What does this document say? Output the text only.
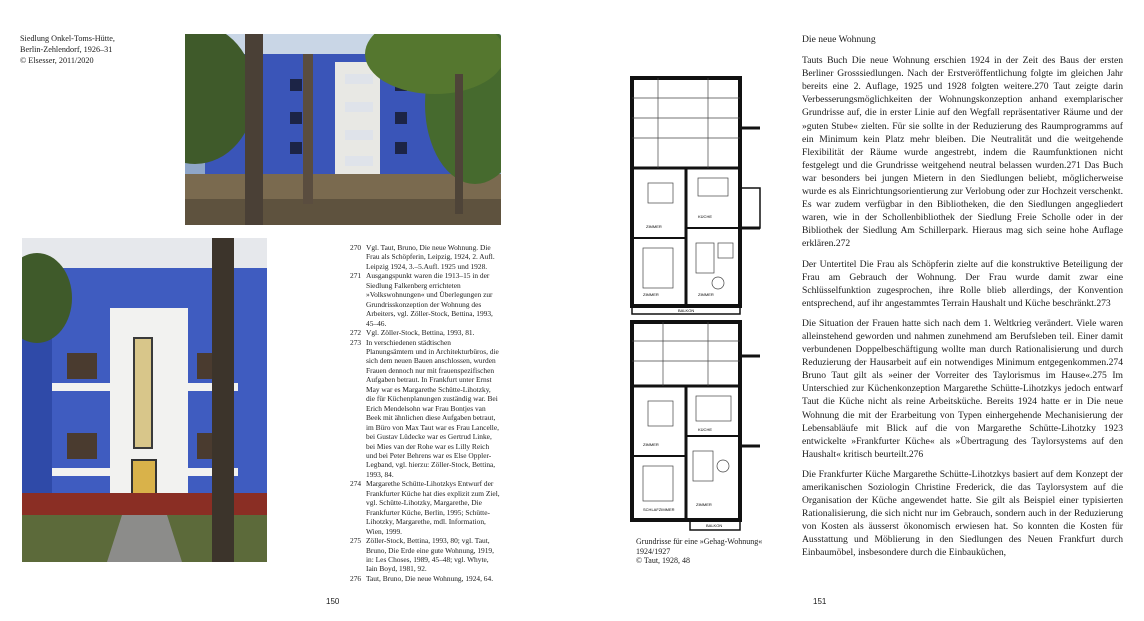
Siedlung Onkel-Toms-Hütte,
Berlin-Zehlendorf, 1926–31
© Elsesser, 2011/2020
270 Vgl. Taut, Bruno, Die neue Wohnung. Die Frau als Schöpferin, Leipzig, 1924, 2. Aufl. Leipzig 1924, 3.–5.Aufl. 1925 und 1928.
271 Ausgangspunkt waren die 1913–15 in der Siedlung Falkenberg errichteten »Volkswohnungen« und Überlegungen zur Grundrisskonzeption der Wohnung des Arbeiters, vgl. Zöller-Stock, Bettina, 1993, 45–46.
272 Vgl. Zöller-Stock, Bettina, 1993, 81.
273 In verschiedenen städtischen Planungsämtern und in Architekturbüros, die sich dem neuen Bauen anschlossen, wurden Frauen dennoch nur mit frauenspezifischen Aufgaben betraut. In Frankfurt unter Ernst May war es Margarethe Schütte-Lihotzky, die für Küchenplanungen zuständig war. Bei Erich Mendelsohn war Frau Bontjes van Beek mit ähnlichen diese Aufgaben betraut, im Büro von Max Taut war es Frau Lancelle, bei Gustav Lüdecke war es Gertrud Linke, bei Mies van der Rohe war es Lilly Reich und bei Peter Behrens war es Else Oppler-Legband, vgl. hierzu: Zöller-Stock, Bettina, 1993, 84.
274 Margarethe Schütte-Lihotzkys Entwurf der Frankfurter Küche hat dies explizit zum Ziel, vgl. Schütte-Lihotzky, Margarethe, Die Frankfurter Küche, Berlin, 1995; Schütte-Lihotzky, Margarethe, mdl. Information, Wien, 1999.
275 Zöller-Stock, Bettina, 1993, 80; vgl. Taut, Bruno, Die Erde eine gute Wohnung, 1919, in: Les Choses, 1989, 45–48; vgl. Whyte, Iain Boyd, 1981, 92.
276 Taut, Bruno, Die neue Wohnung, 1924, 64.
150
ZIMMER
KÜCHE
ZIMMER	ZIMMER
BALKON
ZIMMER
KÜCHE
SCHLAFZIMMER
ZIMMER
BALKON
Grundrisse für eine »Gehag-Wohnung«
1924/1927
© Taut, 1928, 48
Die neue Wohnung

Tauts Buch Die neue Wohnung erschien 1924 in der Zeit des Baus der ersten Berliner Grosssiedlungen. Nach der Erstveröffentlichung folgte im gleichen Jahr bereits eine 2. Auflage, 1925 und 1928 folgten weitere.270 Taut zeigte darin Verbesserungsmöglichkeiten der Wohnungskonzeption anhand exemplarischer Grundrisse auf, die in erster Linie auf den Wegfall repräsentativer Räume und der »guten Stube« zielten. Für sie sollte in der Reduzierung des Raumprogramms auf ein Minimum kein Platz mehr bleiben. Die Neutralität und die weitgehende Flexibilität der Räume wurde angestrebt, indem die Raumfunktionen nicht festgelegt und die Grundrisse weitgehend neutral belassen wurden.271 Das Buch war besonders bei jungen Mietern in den Siedlungen beliebt, möglicherweise wurde es als Einrichtungsorientierung zur Verlobung oder zur Hochzeit verschenkt. Es war zudem verfügbar in den Bibliotheken, die den Siedlungen angegliedert waren, wie in der Schollenbibliothek der Siedlung Freie Scholle oder in der Bibliothek der Siedlung Am Schillerpark. Hieraus mag sich seine hohe Auflage erklären.272

Der Untertitel Die Frau als Schöpferin zielte auf die konstruktive Beteiligung der Frau am Gebrauch der Wohnung. Der Frau wurde damit zwar eine Schlüsselfunktion zugesprochen, ihre Rolle blieb allerdings, der Konvention entsprechend, auf ihr angestammtes Terrain Haushalt und Küche beschränkt.273

Die Situation der Frauen hatte sich nach dem 1. Weltkrieg verändert. Viele waren alleinstehend geworden und nahmen zunehmend am Berufsleben teil. Einer damit verbundenen Doppelbeschäftigung wollte man durch Rationalisierung und durch Reduzierung der Hausarbeit auf ein notwendiges Minimum entgegenkommen.274 Bruno Taut gilt als »einer der Vorreiter des Taylorismus im Hause«.275 Im Unterschied zur Küchenkonzeption Margarethe Schütte-Lihotzkys jedoch entwarf Taut die Küche nicht als reine Arbeitsküche. Bereits 1924 hatte er in Die neue Wohnung die mit der Erarbeitung von Typen einhergehende Mechanisierung der Lebensabläufe mit Blick auf die von Margarethe Schütte-Lihotzky 1923 entwickelte »Frankfurter Küche« als »Übertragung des Taylorsystems auf den Haushalt« kritisch beurteilt.276

Die Frankfurter Küche Margarethe Schütte-Lihotzkys basiert auf dem Konzept der amerikanischen Soziologin Christine Frederick, die das Taylorsystem auf die Organisation der Küche angewendet hatte. Sie gilt als Beispiel einer typisierten Rationalisierung, die sich nicht nur im Gebrauch, sondern auch in der Reduzierung von Kosten als äusserst ökonomisch erwiesen hat. So konnten die Kosten für Ausstattung und Möblierung in den Siedlungen des Neuen Frankfurt durch Einbaumöbel, insbesondere durch die Einbauküchen,

151
